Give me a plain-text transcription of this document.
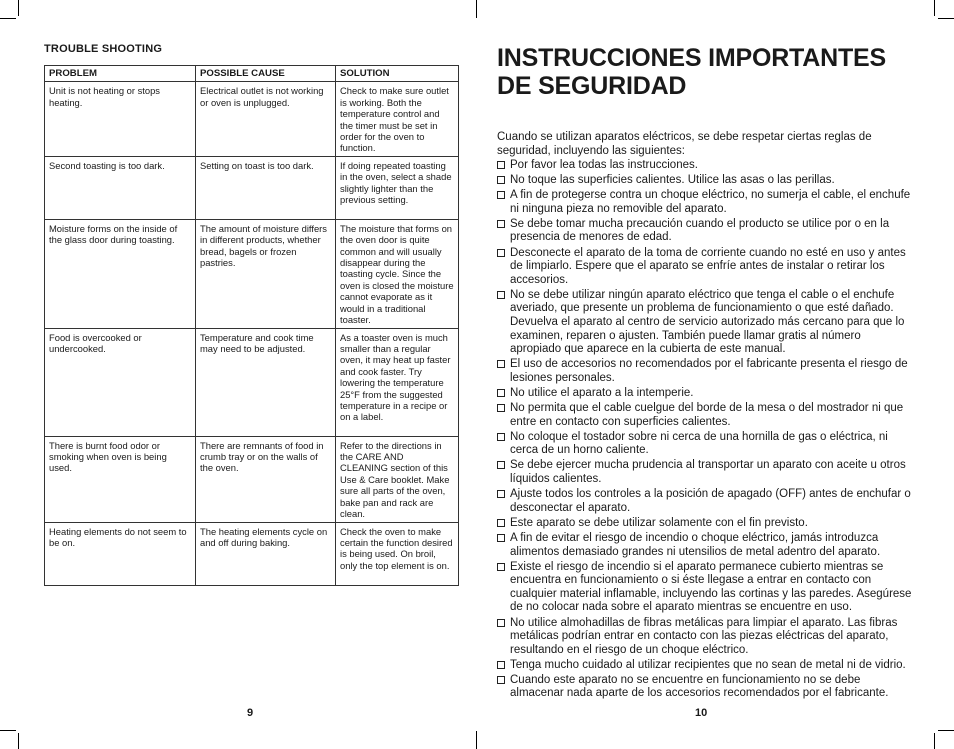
TROUBLE SHOOTING
PROBLEM	POSSIBLE CAUSE	SOLUTION
Unit is not heating or stops heating.	Electrical outlet is not working or oven is unplugged.	Check to make sure outlet is working. Both the temperature control and the timer must be set in order for the oven to function.
Second toasting is too dark.	Setting on toast is too dark.	If doing repeated toasting in the oven, select a shade slightly lighter than the previous setting.
Moisture forms on the inside of the glass door during toasting.	The amount of moisture differs in different products, whether bread, bagels or frozen pastries.	The moisture that forms on the oven door is quite common and will usually disappear during the toasting cycle. Since the oven is closed the moisture cannot evaporate as it would in a traditional toaster.
Food is overcooked or undercooked.	Temperature and cook time may need to be adjusted.	As a toaster oven is much smaller than a regular oven, it may heat up faster and cook faster. Try lowering the temperature 25°F from the suggested temperature in a recipe or on a label.
There is burnt food odor or smoking when oven is being used.	There are remnants of food in crumb tray or on the walls of the oven.	Refer to the directions in the CARE AND CLEANING section of this Use & Care booklet. Make sure all parts of the oven, bake pan and rack are clean.
Heating elements do not seem to be on.	The heating elements cycle on and off during baking.	Check the oven to make certain the function desired is being used. On broil, only the top element is on.
9
INSTRUCCIONES IMPORTANTES
DE SEGURIDAD

Cuando se utilizan aparatos eléctricos, se debe respetar ciertas reglas de seguridad, incluyendo las siguientes:

Por favor lea todas las instrucciones.
No toque las superficies calientes. Utilice las asas o las perillas.
A fin de protegerse contra un choque eléctrico, no sumerja el cable, el enchufe ni ninguna pieza no removible del aparato.
Se debe tomar mucha precaución cuando el producto se utilice por o en la presencia de menores de edad.
Desconecte el aparato de la toma de corriente cuando no esté en uso y antes de limpiarlo. Espere que el aparato se enfríe antes de instalar o retirar los accesorios.
No se debe utilizar ningún aparato eléctrico que tenga el cable o el enchufe averiado, que presente un problema de funcionamiento o que esté dañado. Devuelva el aparato al centro de servicio autorizado más cercano para que lo examinen, reparen o ajusten. También puede llamar gratis al número apropiado que aparece en la cubierta de este manual.
El uso de accesorios no recomendados por el fabricante presenta el riesgo de lesiones personales.
No utilice el aparato a la intemperie.
No permita que el cable cuelgue del borde de la mesa o del mostrador ni que entre en contacto con superficies calientes.
No coloque el tostador sobre ni cerca de una hornilla de gas o eléctrica, ni cerca de un horno caliente.
Se debe ejercer mucha prudencia al transportar un aparato con aceite u otros líquidos calientes.
Ajuste todos los controles a la posición de apagado (OFF) antes de enchufar o desconectar el aparato.
Este aparato se debe utilizar solamente con el fin previsto.
A fin de evitar el riesgo de incendio o choque eléctrico, jamás introduzca alimentos demasiado grandes ni utensilios de metal adentro del aparato.
Existe el riesgo de incendio si el aparato permanece cubierto mientras se encuentra en funcionamiento o si éste llegase a entrar en contacto con cualquier material inflamable, incluyendo las cortinas y las paredes. Asegúrese de no colocar nada sobre el aparato mientras se encuentre en uso.
No utilice almohadillas de fibras metálicas para limpiar el aparato. Las fibras metálicas podrían entrar en contacto con las piezas eléctricas del aparato, resultando en el riesgo de un choque eléctrico.
Tenga mucho cuidado al utilizar recipientes que no sean de metal ni de vidrio.
Cuando este aparato no se encuentre en funcionamiento no se debe almacenar nada aparte de los accesorios recomendados por el fabricante.
10
